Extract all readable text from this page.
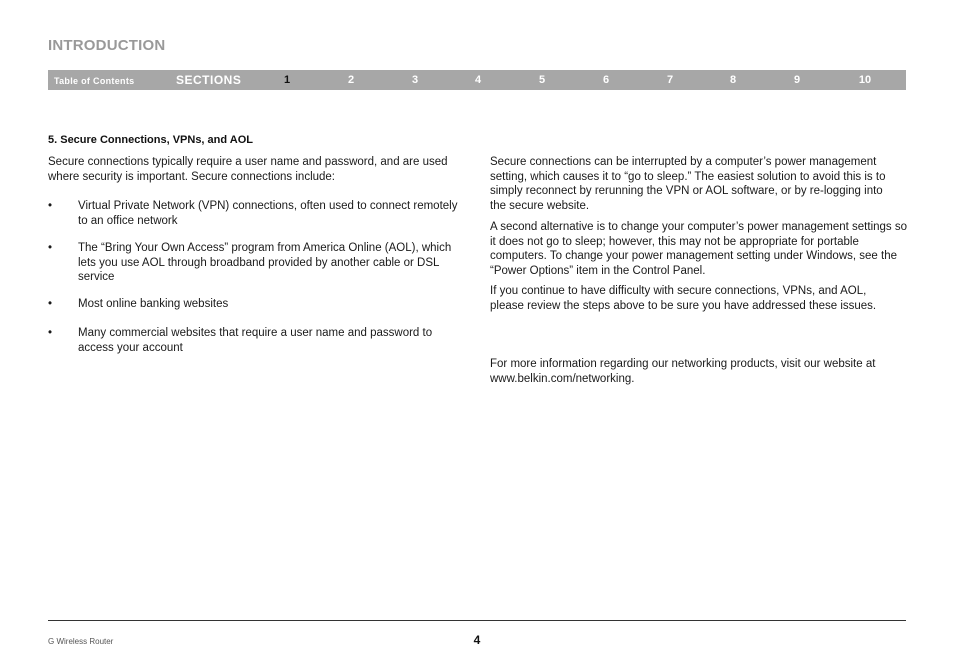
INTRODUCTION
Table of Contents	SECTIONS	1	2	3	4	5	6	7	8	9	10
5. Secure Connections, VPNs, and AOL

Secure connections typically require a user name and password, and are used where security is important. Secure connections include:

• Virtual Private Network (VPN) connections, often used to connect remotely to an office network
• The “Bring Your Own Access” program from America Online (AOL), which lets you use AOL through broadband provided by another cable or DSL service
• Most online banking websites
• Many commercial websites that require a user name and password to access your account

Secure connections can be interrupted by a computer’s power management setting, which causes it to “go to sleep.” The easiest solution to avoid this is to simply reconnect by rerunning the VPN or AOL software, or by re-logging into the secure website.

A second alternative is to change your computer’s power management settings so it does not go to sleep; however, this may not be appropriate for portable computers. To change your power management setting under Windows, see the “Power Options” item in the Control Panel.

If you continue to have difficulty with secure connections, VPNs, and AOL, please review the steps above to be sure you have addressed these issues.

For more information regarding our networking products, visit our website at www.belkin.com/networking.

G Wireless Router	4
